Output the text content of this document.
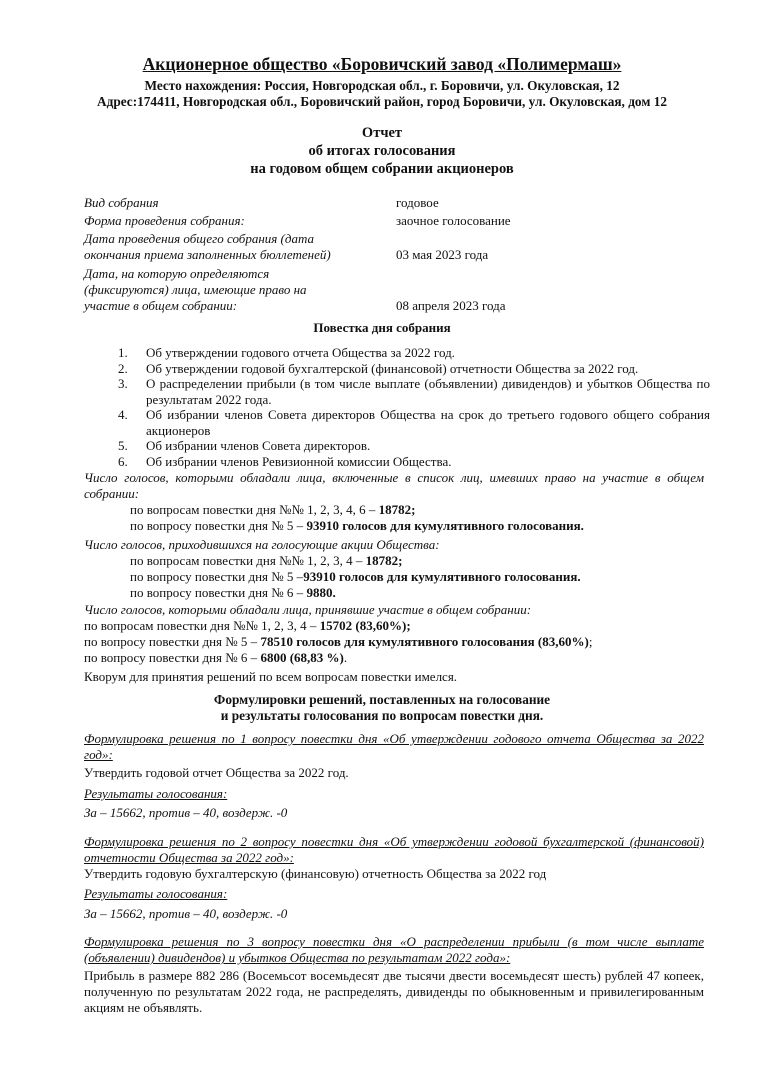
Акционерное общество «Боровичский завод «Полимермаш»
Место нахождения: Россия, Новгородская обл., г. Боровичи, ул. Окуловская, 12
Адрес:174411, Новгородская обл., Боровичский район, город Боровичи, ул. Окуловская, дом 12
Отчет
об итогах голосования
на годовом общем собрании акционеров
Вид собрания	годовое
Форма проведения собрания:	заочное голосование
Дата проведения общего собрания (дата окончания приема заполненных бюллетеней)	03 мая 2023 года
Дата, на которую определяются (фиксируются) лица, имеющие право на участие в общем собрании:	08 апреля 2023 года
Повестка дня собрания
1. Об утверждении годового отчета Общества за 2022 год.
2. Об утверждении годовой бухгалтерской (финансовой) отчетности Общества за 2022 год.
3. О распределении прибыли (в том числе выплате (объявлении) дивидендов) и убытков Общества по результатам 2022 года.
4. Об избрании членов Совета директоров Общества на срок до третьего годового общего собрания акционеров
5. Об избрании членов Совета директоров.
6. Об избрании членов Ревизионной комиссии Общества.
Число голосов, которыми обладали лица, включенные в список лиц, имевших право на участие в общем собрании:
по вопросам повестки дня №№ 1, 2, 3, 4, 6 – 18782;
по вопросу повестки дня № 5 – 93910 голосов для кумулятивного голосования.
Число голосов, приходившихся на голосующие акции Общества:
по вопросам повестки дня №№ 1, 2, 3, 4 – 18782;
по вопросу повестки дня № 5 –93910 голосов для кумулятивного голосования.
по вопросу повестки дня № 6 – 9880.
Число голосов, которыми обладали лица, принявшие участие в общем собрании:
по вопросам повестки дня №№ 1, 2, 3, 4 – 15702 (83,60%);
по вопросу повестки дня № 5 – 78510 голосов для кумулятивного голосования (83,60%);
по вопросу повестки дня № 6 – 6800 (68,83 %).
Кворум для принятия решений по всем вопросам повестки имелся.
Формулировки решений, поставленных на голосование
и результаты голосования по вопросам повестки дня.
Формулировка решения по 1 вопросу повестки дня «Об утверждении годового отчета Общества за 2022 год»:
Утвердить годовой отчет Общества за 2022 год.
Результаты голосования:
За – 15662, против – 40, воздерж. -0
Формулировка решения по 2 вопросу повестки дня «Об утверждении годовой бухгалтерской (финансовой) отчетности Общества за 2022 год»:
Утвердить годовую бухгалтерскую (финансовую) отчетность Общества за 2022 год
Результаты голосования:
За – 15662, против – 40, воздерж. -0
Формулировка решения по 3 вопросу повестки дня «О распределении прибыли (в том числе выплате (объявлении) дивидендов) и убытков Общества по результатам 2022 года»:
Прибыль в размере 882 286 (Восемьсот восемьдесят две тысячи двести восемьдесят шесть) рублей 47 копеек, полученную по результатам 2022 года, не распределять, дивиденды по обыкновенным и привилегированным акциям не объявлять.
